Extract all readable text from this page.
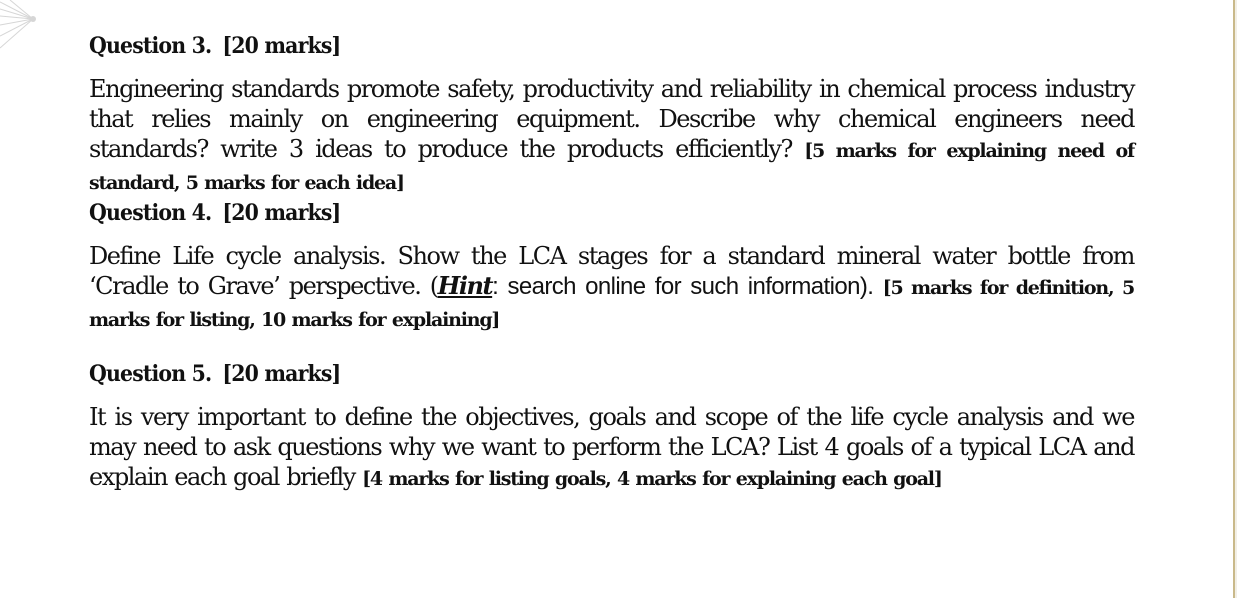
Question 3. [20 marks]

Engineering standards promote safety, productivity and reliability in chemical process industry that relies mainly on engineering equipment. Describe why chemical engineers need standards? write 3 ideas to produce the products efficiently? [5 marks for explaining need of standard, 5 marks for each idea]

Question 4. [20 marks]

Define Life cycle analysis. Show the LCA stages for a standard mineral water bottle from ‘Cradle to Grave’ perspective. (Hint: search online for such information). [5 marks for definition, 5 marks for listing, 10 marks for explaining]

Question 5. [20 marks]

It is very important to define the objectives, goals and scope of the life cycle analysis and we may need to ask questions why we want to perform the LCA? List 4 goals of a typical LCA and explain each goal briefly [4 marks for listing goals, 4 marks for explaining each goal]
